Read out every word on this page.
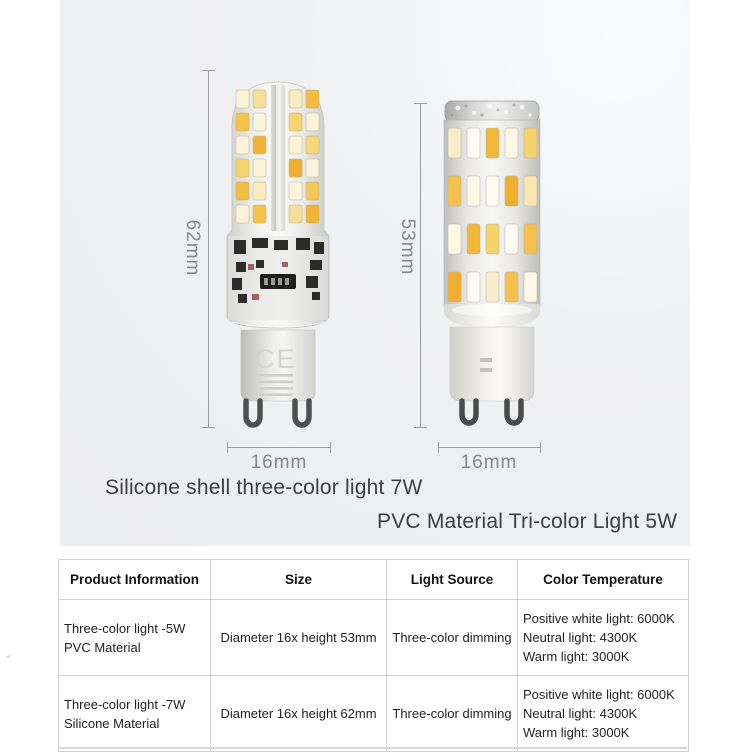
CE
62mm	53mm
16mm	16mm
Silicone shell three-color light 7W
PVC Material Tri-color Light 5W
Product Information	Size	Light Source	Color Temperature

Three-color light -5W
PVC Material	Diameter 16x height 53mm	Three-color dimming	Positive white light: 6000K
Neutral light: 4300K
Warm light: 3000K

Three-color light -7W
Silicone Material	Diameter 16x height 62mm	Three-color dimming	Positive white light: 6000K
Neutral light: 4300K
Warm light: 3000K
⌄
